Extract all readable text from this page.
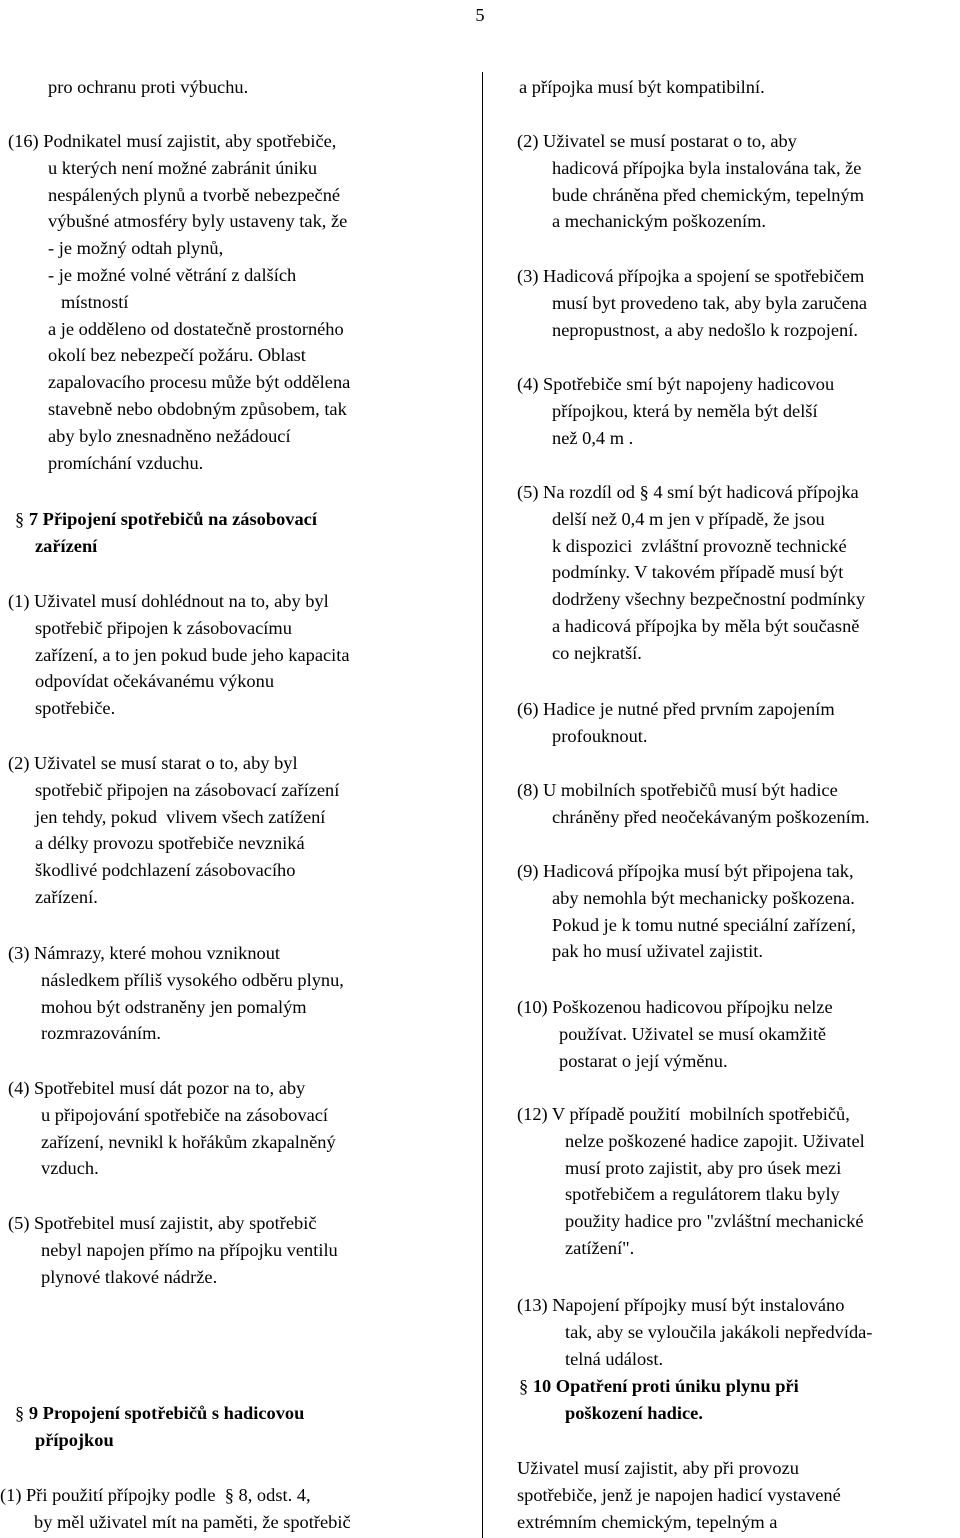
5
pro ochranu proti výbuchu.
(16) Podnikatel musí zajistit, aby spotřebiče,
u kterých není možné zabránit úniku
nespálených plynů a tvorbě nebezpečné
výbušné atmosféry byly ustaveny tak, že
- je možný odtah plynů,
- je možné volné větrání z dalších
místností
a je odděleno od dostatečně prostorného
okolí bez nebezpečí požáru. Oblast
zapalovacího procesu může být oddělena
stavebně nebo obdobným způsobem, tak
aby bylo znesnadněno nežádoucí
promíchání vzduchu.
§ 7 Připojení spotřebičů na zásobovací
zařízení
(1) Uživatel musí dohlédnout na to, aby byl
spotřebič připojen k zásobovacímu
zařízení, a to jen pokud bude jeho kapacita
odpovídat očekávanému výkonu
spotřebiče.
(2) Uživatel se musí starat o to, aby byl
spotřebič připojen na zásobovací zařízení
jen tehdy, pokud  vlivem všech zatížení
a délky provozu spotřebiče nevzniká
škodlivé podchlazení zásobovacího
zařízení.
(3) Námrazy, které mohou vzniknout
následkem příliš vysokého odběru plynu,
mohou být odstraněny jen pomalým
rozmrazováním.
(4) Spotřebitel musí dát pozor na to, aby
u připojování spotřebiče na zásobovací
zařízení, nevnikl k hořákům zkapalněný
vzduch.
(5) Spotřebitel musí zajistit, aby spotřebič
nebyl napojen přímo na přípojku ventilu
plynové tlakové nádrže.
§ 9 Propojení spotřebičů s hadicovou
přípojkou
(1) Při použití přípojky podle  § 8, odst. 4,
by měl uživatel mít na paměti, že spotřebič
a přípojka musí být kompatibilní.
(2) Uživatel se musí postarat o to, aby
hadicová přípojka byla instalována tak, že
bude chráněna před chemickým, tepelným
a mechanickým poškozením.
(3) Hadicová přípojka a spojení se spotřebičem
musí byt provedeno tak, aby byla zaručena
nepropustnost, a aby nedošlo k rozpojení.
(4) Spotřebiče smí být napojeny hadicovou
přípojkou, která by neměla být delší
než 0,4 m .
(5) Na rozdíl od § 4 smí být hadicová přípojka
delší než 0,4 m jen v případě, že jsou
k dispozici  zvláštní provozně technické
podmínky. V takovém případě musí být
dodrženy všechny bezpečnostní podmínky
a hadicová přípojka by měla být současně
co nejkratší.
(6) Hadice je nutné před prvním zapojením
profouknout.
(8) U mobilních spotřebičů musí být hadice
chráněny před neočekávaným poškozením.
(9) Hadicová přípojka musí být připojena tak,
aby nemohla být mechanicky poškozena.
Pokud je k tomu nutné speciální zařízení,
pak ho musí uživatel zajistit.
(10) Poškozenou hadicovou přípojku nelze
používat. Uživatel se musí okamžitě
postarat o její výměnu.
(12) V případě použití  mobilních spotřebičů,
nelze poškozené hadice zapojit. Uživatel
musí proto zajistit, aby pro úsek mezi
spotřebičem a regulátorem tlaku byly
použity hadice pro "zvláštní mechanické
zatížení".
(13) Napojení přípojky musí být instalováno
tak, aby se vyloučila jakákoli nepředvída-
telná událost.
§ 10 Opatření proti úniku plynu při
poškození hadice.
Uživatel musí zajistit, aby při provozu
spotřebiče, jenž je napojen hadicí vystavené
extrémním chemickým, tepelným a
